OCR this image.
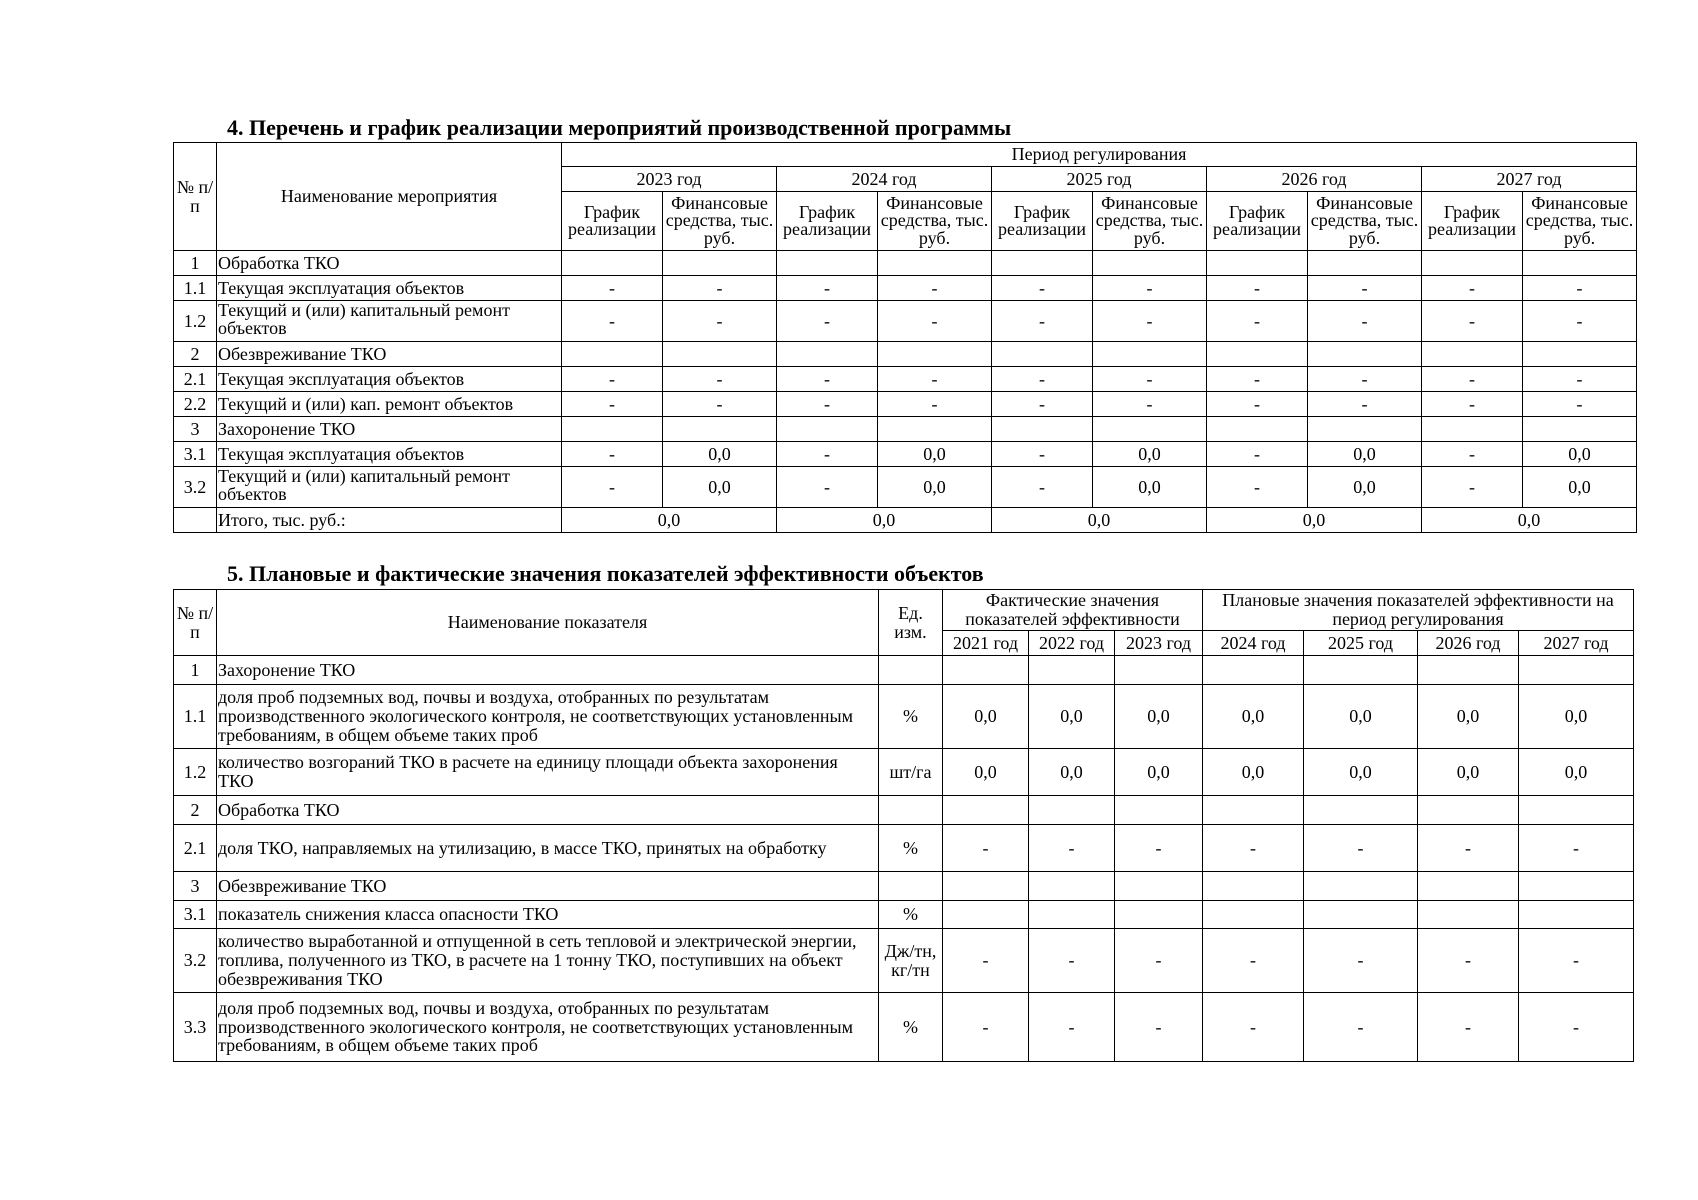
4. Перечень и график реализации мероприятий производственной программы
№ п/п	Наименование мероприятия	Период регулирования									
		2023 год		2024 год		2025 год		2026 год		2027 год	
		График реализации	Финансовые средства, тыс. руб.	График реализации	Финансовые средства, тыс. руб.	График реализации	Финансовые средства, тыс. руб.	График реализации	Финансовые средства, тыс. руб.	График реализации	Финансовые средства, тыс. руб.
1	Обработка ТКО										
1.1	Текущая эксплуатация объектов	-	-	-	-	-	-	-	-	-	-
1.2	Текущий и (или) капитальный ремонт объектов	-	-	-	-	-	-	-	-	-	-
2	Обезвреживание ТКО										
2.1	Текущая эксплуатация объектов	-	-	-	-	-	-	-	-	-	-
2.2	Текущий и (или) кап. ремонт объектов	-	-	-	-	-	-	-	-	-	-
3	Захоронение ТКО										
3.1	Текущая эксплуатация объектов	-	0,0	-	0,0	-	0,0	-	0,0	-	0,0
3.2	Текущий и (или) капитальный ремонт объектов	-	0,0	-	0,0	-	0,0	-	0,0	-	0,0
	Итого, тыс. руб.:	0,0		0,0		0,0		0,0		0,0	
5. Плановые и фактические значения показателей эффективности объектов
№ п/п	Наименование показателя	Ед. изм.	Фактические значения показателей эффективности			Плановые значения показателей эффективности на период регулирования			
			2021 год	2022 год	2023 год	2024 год	2025 год	2026 год	2027 год
1	Захоронение ТКО								
1.1	доля проб подземных вод, почвы и воздуха, отобранных по результатам производственного экологического контроля, не соответствующих установленным требованиям, в общем объеме таких проб	%	0,0	0,0	0,0	0,0	0,0	0,0	0,0
1.2	количество возгораний ТКО в расчете на единицу площади объекта захоронения ТКО	шт/га	0,0	0,0	0,0	0,0	0,0	0,0	0,0
2	Обработка ТКО								
2.1	доля ТКО, направляемых на утилизацию, в массе ТКО, принятых на обработку	%	-	-	-	-	-	-	-
3	Обезвреживание ТКО								
3.1	показатель снижения класса опасности ТКО	%							
3.2	количество выработанной и отпущенной в сеть тепловой и электрической энергии, топлива, полученного из ТКО, в расчете на 1 тонну ТКО, поступивших на объект обезвреживания ТКО	Дж/тн, кг/тн	-	-	-	-	-	-	-
3.3	доля проб подземных вод, почвы и воздуха, отобранных по результатам производственного экологического контроля, не соответствующих установленным требованиям, в общем объеме таких проб	%	-	-	-	-	-	-	-
